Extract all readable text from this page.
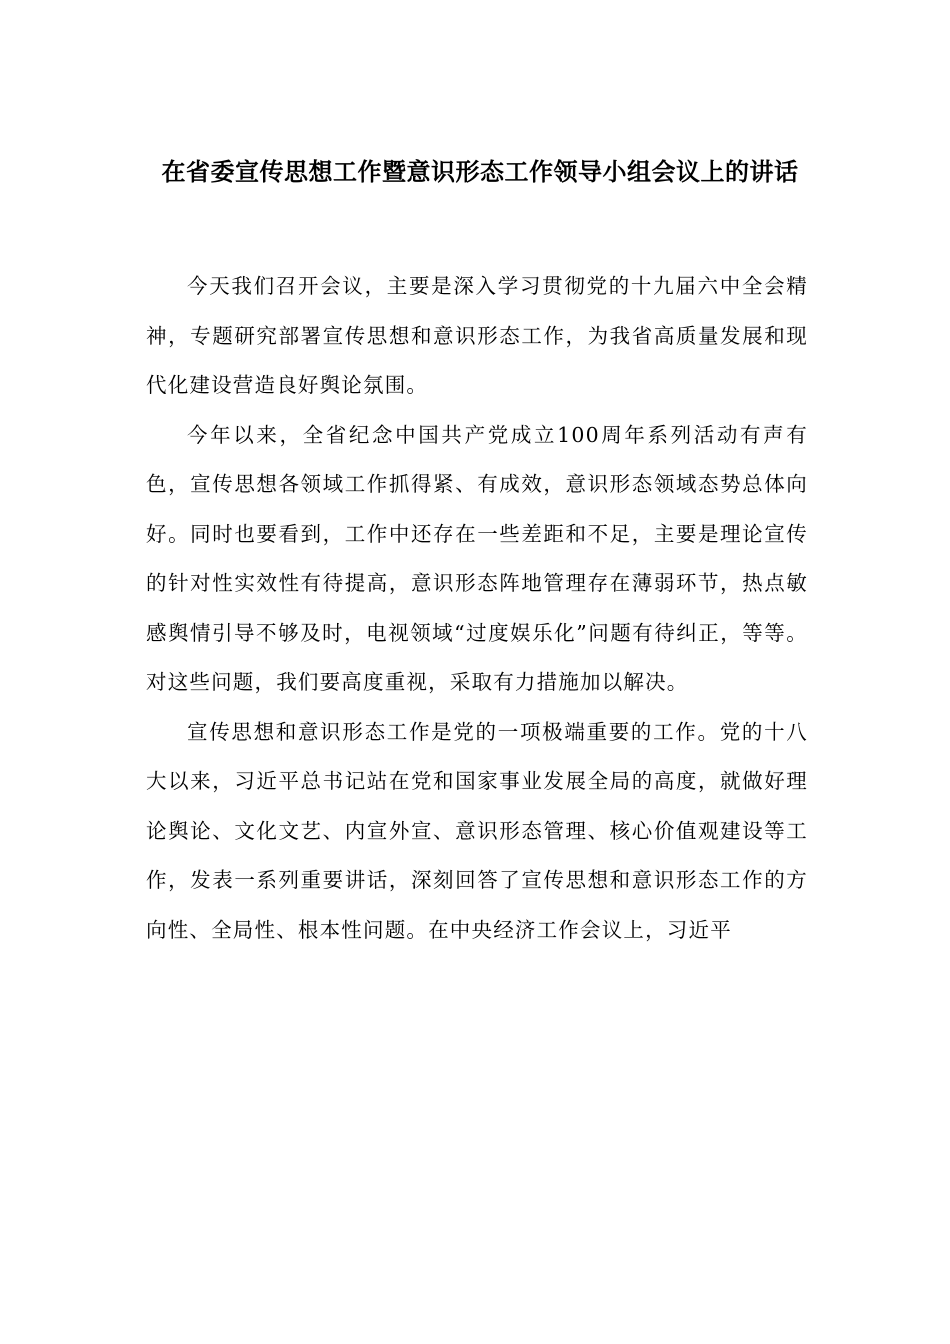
在省委宣传思想工作暨意识形态工作领导小组会议上的讲话

今天我们召开会议，主要是深入学习贯彻党的十九届六中全会精神，专题研究部署宣传思想和意识形态工作，为我省高质量发展和现代化建设营造良好舆论氛围。

今年以来，全省纪念中国共产党成立100周年系列活动有声有色，宣传思想各领域工作抓得紧、有成效，意识形态领域态势总体向好。同时也要看到，工作中还存在一些差距和不足，主要是理论宣传的针对性实效性有待提高，意识形态阵地管理存在薄弱环节，热点敏感舆情引导不够及时，电视领域“过度娱乐化”问题有待纠正，等等。对这些问题，我们要高度重视，采取有力措施加以解决。

宣传思想和意识形态工作是党的一项极端重要的工作。党的十八大以来，习近平总书记站在党和国家事业发展全局的高度，就做好理论舆论、文化文艺、内宣外宣、意识形态管理、核心价值观建设等工作，发表一系列重要讲话，深刻回答了宣传思想和意识形态工作的方向性、全局性、根本性问题。在中央经济工作会议上，习近平
